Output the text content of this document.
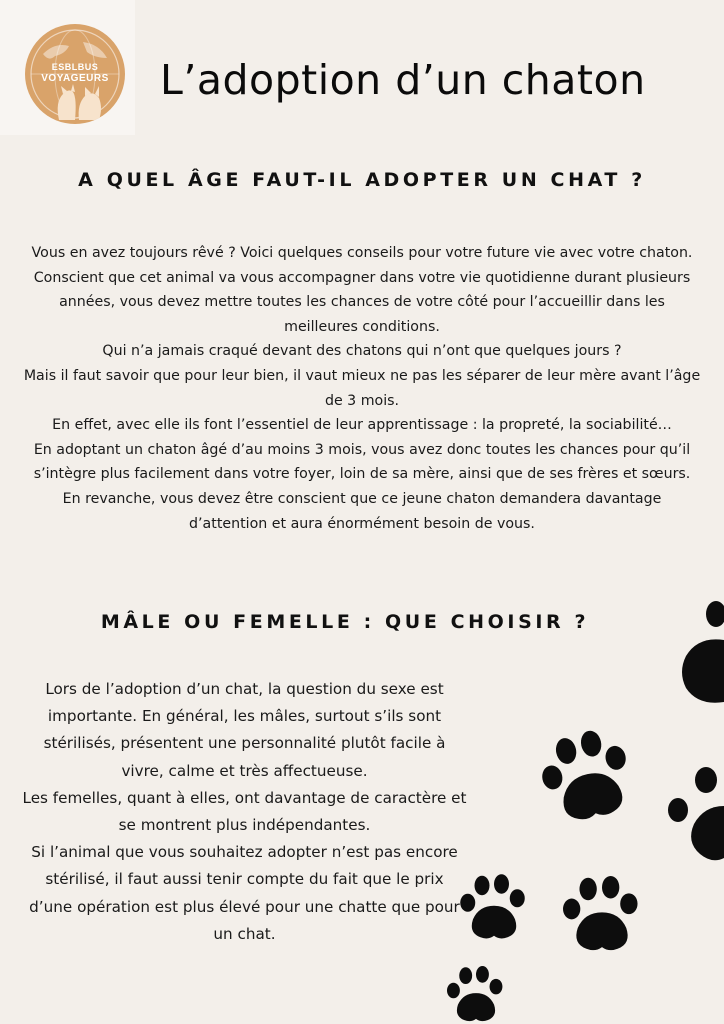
ESBLBUS
VOYAGEURS	L’adoption d’un chaton
A QUEL ÂGE FAUT-IL ADOPTER UN CHAT ?

Vous en avez toujours rêvé ? Voici quelques conseils pour votre future vie avec votre chaton. Conscient que cet animal va vous accompagner dans votre vie quotidienne durant plusieurs années, vous devez mettre toutes les chances de votre côté pour l’accueillir dans les meilleures conditions.

Qui n’a jamais craqué devant des chatons qui n’ont que quelques jours ?

Mais il faut savoir que pour leur bien, il vaut mieux ne pas les séparer de leur mère avant l’âge de 3 mois.

En effet, avec elle ils font l’essentiel de leur apprentissage : la propreté, la sociabilité…

En adoptant un chaton âgé d’au moins 3 mois, vous avez donc toutes les chances pour qu’il s’intègre plus facilement dans votre foyer, loin de sa mère, ainsi que de ses frères et sœurs.

En revanche, vous devez être conscient que ce jeune chaton demandera davantage d’attention et aura énormément besoin de vous.

MÂLE OU FEMELLE : QUE CHOISIR ?

Lors de l’adoption d’un chat, la question du sexe est importante. En général, les mâles, surtout s’ils sont stérilisés, présentent une personnalité plutôt facile à vivre, calme et très affectueuse.

Les femelles, quant à elles, ont davantage de caractère et se montrent plus indépendantes.

Si l’animal que vous souhaitez adopter n’est pas encore stérilisé, il faut aussi tenir compte du fait que le prix d’une opération est plus élevé pour une chatte que pour un chat.
